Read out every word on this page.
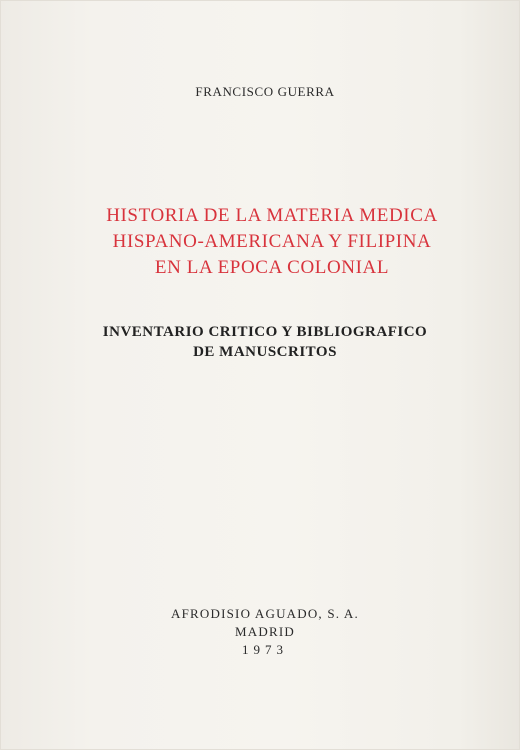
FRANCISCO GUERRA

HISTORIA DE LA MATERIA MEDICA
HISPANO-AMERICANA Y FILIPINA
EN LA EPOCA COLONIAL
INVENTARIO CRITICO Y BIBLIOGRAFICO
DE MANUSCRITOS
AFRODISIO AGUADO, S. A.
MADRID
1973
